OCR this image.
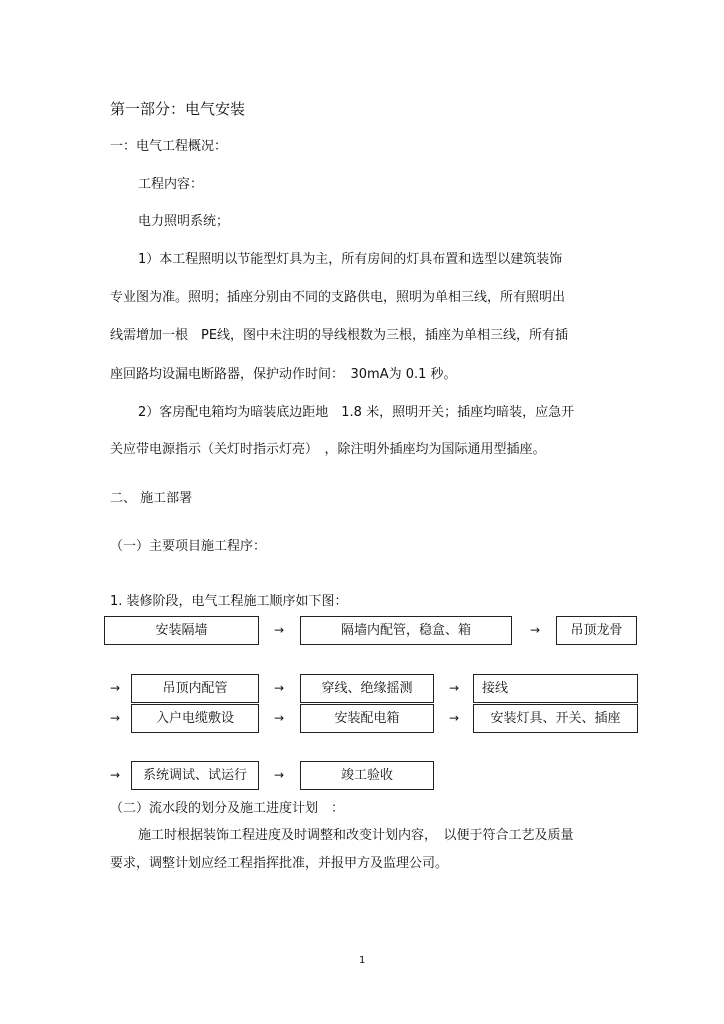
第一部分：电气安装
一：电气工程概况：
工程内容：
电力照明系统；
1）本工程照明以节能型灯具为主，所有房间的灯具布置和选型以建筑装饰
专业图为准。照明；插座分别由不同的支路供电，照明为单相三线，所有照明出
线需增加一根　PE线，图中未注明的导线根数为三根，插座为单相三线，所有插
座回路均设漏电断路器，保护动作时间：　30mA为 0.1 秒。
2）客房配电箱均为暗装底边距地　1.8 米，照明开关；插座均暗装，应急开
关应带电源指示（关灯时指示灯亮）　，除注明外插座均为国际通用型插座。
二、 施工部署
（一）主要项目施工程序：
1. 装修阶段，电气工程施工顺序如下图：
安装隔墙	→	隔墙内配管，稳盒、箱	→	吊顶龙骨
→	吊顶内配管	→	穿线、绝缘摇测	→	接线
→	入户电缆敷设	→	安装配电箱	→	安装灯具、开关、插座
→	系统调试、试运行	→	竣工验收
（二）流水段的划分及施工进度计划　：
施工时根据装饰工程进度及时调整和改变计划内容，　以便于符合工艺及质量
要求，调整计划应经工程指挥批准，并报甲方及监理公司。
1
